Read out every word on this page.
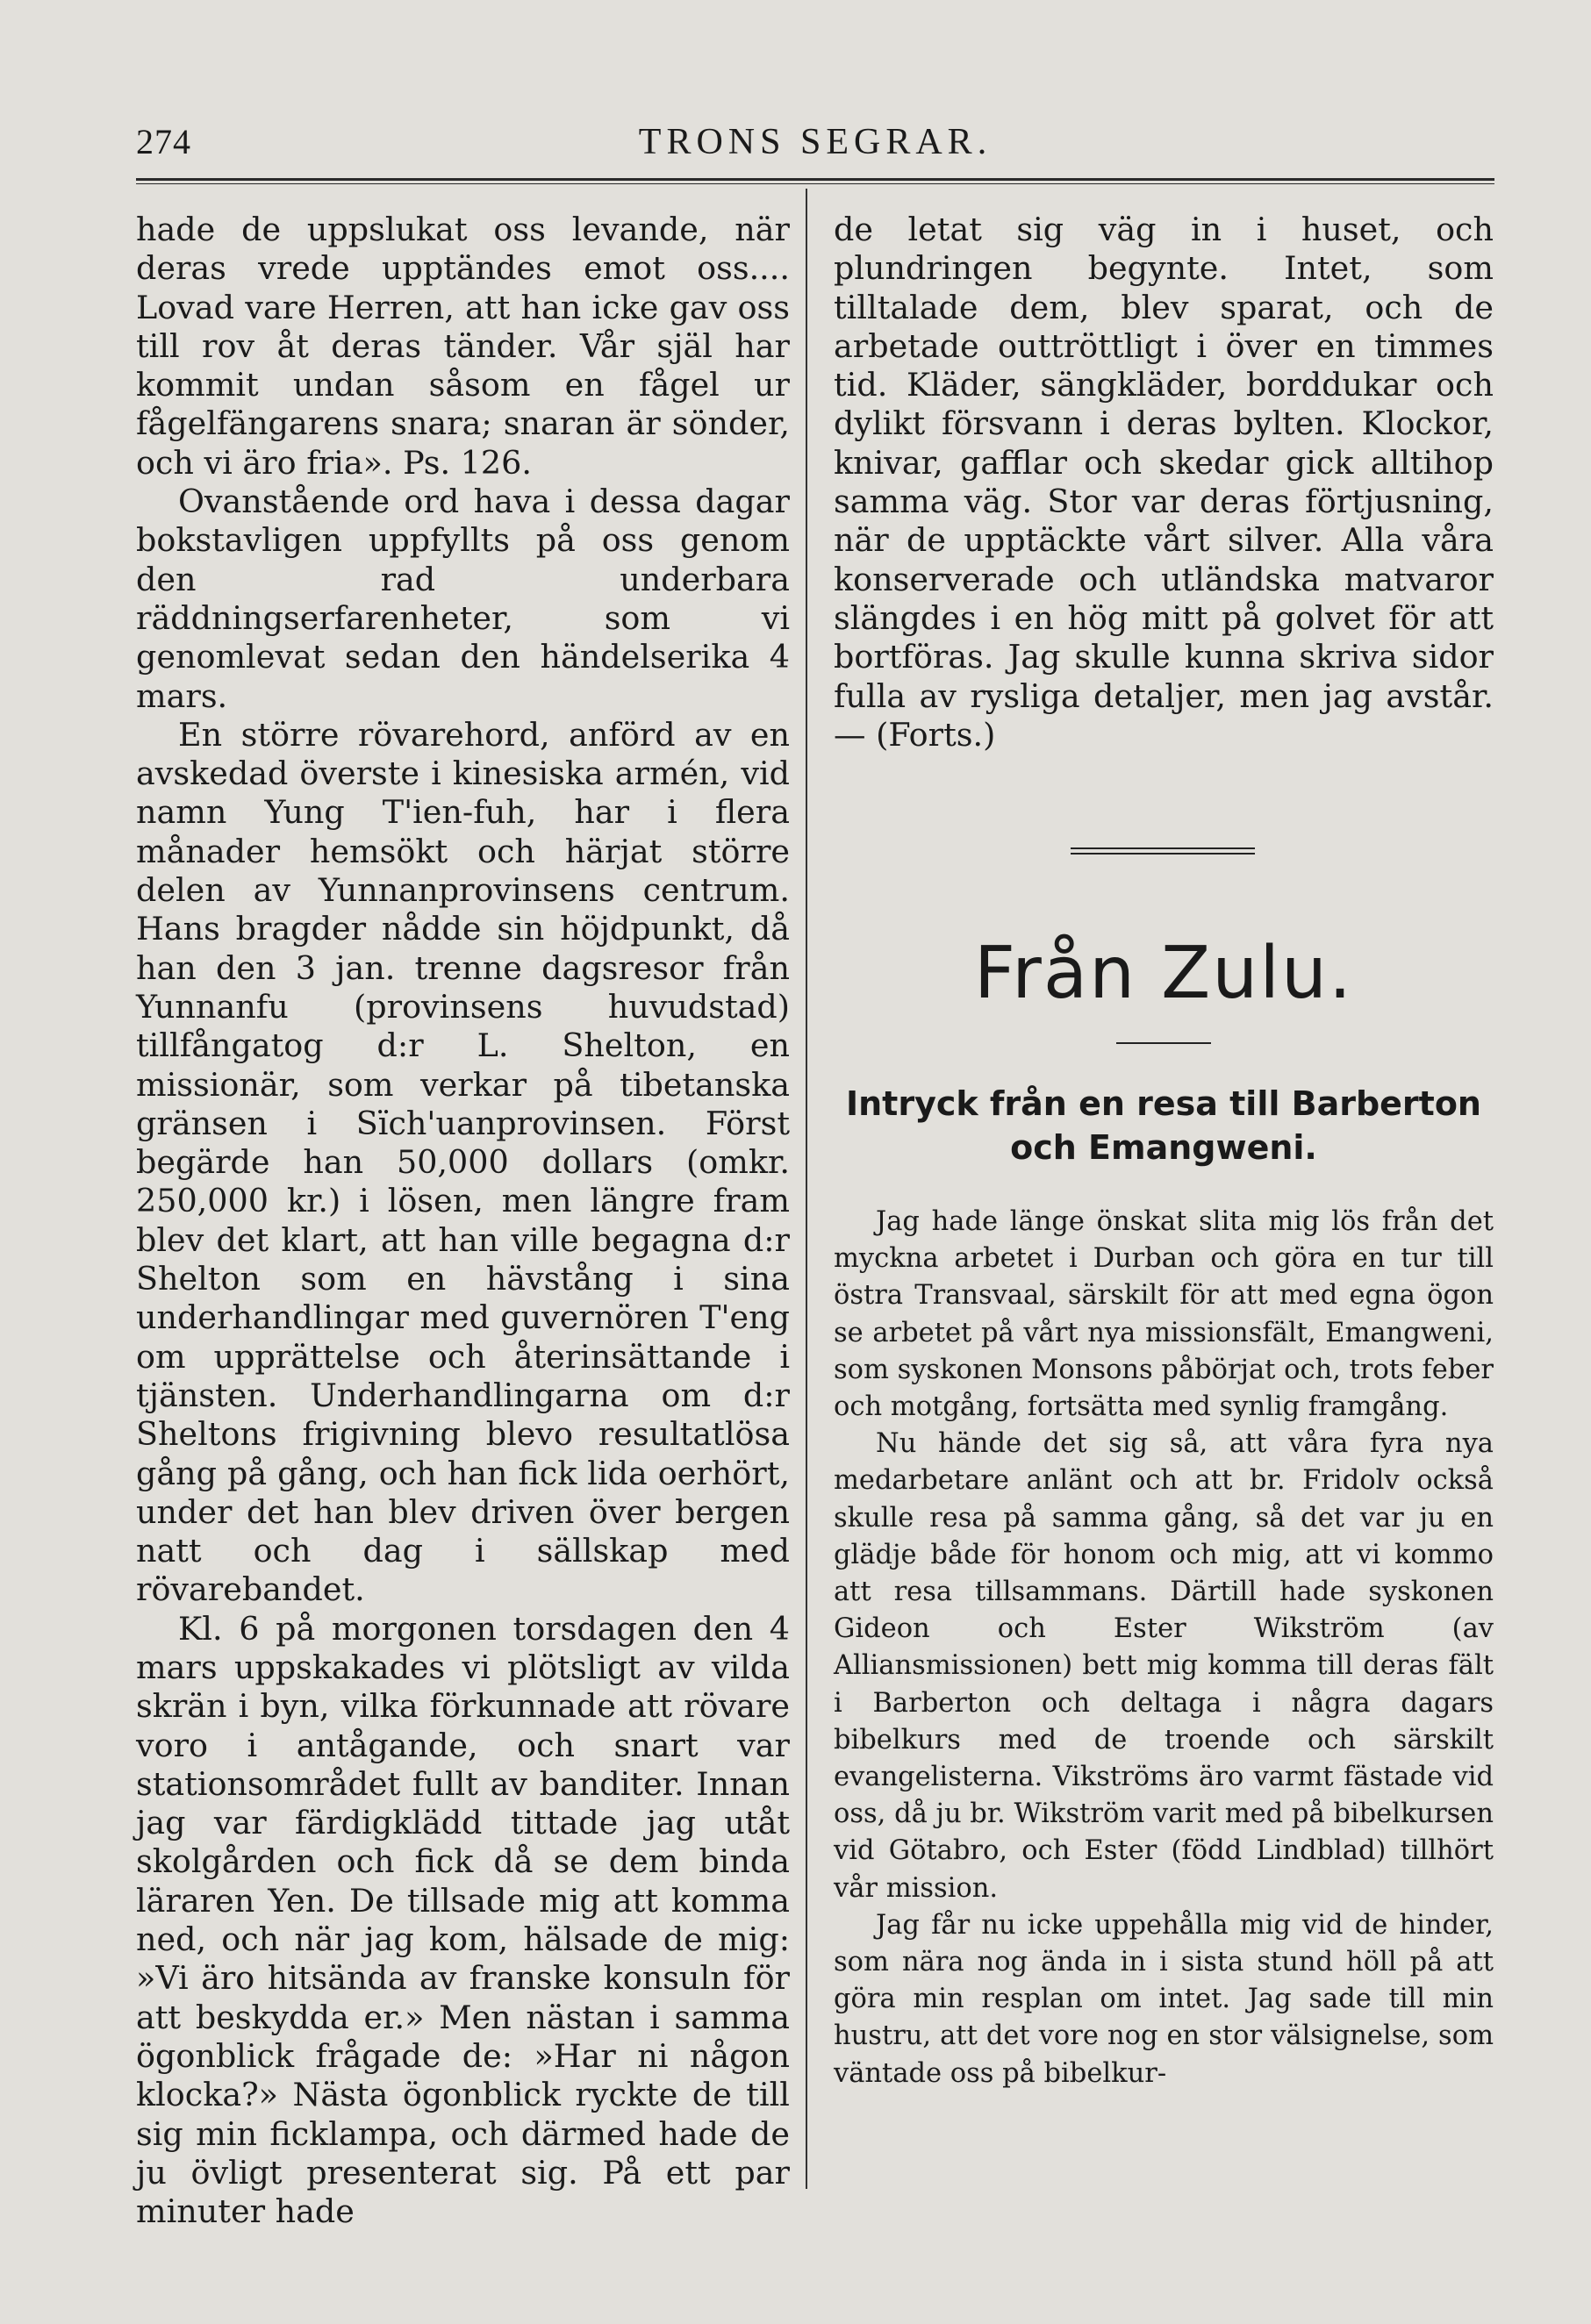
274	TRONS SEGRAR.

hade de uppslukat oss levande, när deras vrede upptändes emot oss.... Lovad vare Herren, att han icke gav oss till rov åt deras tänder. Vår själ har kommit undan såsom en fågel ur fågelfängarens snara; snaran är sönder, och vi äro fria». Ps. 126.

Ovanstående ord hava i dessa dagar bokstavligen uppfyllts på oss genom den rad underbara räddningserfarenheter, som vi genomlevat sedan den händelserika 4 mars.

En större rövarehord, anförd av en avskedad överste i kinesiska armén, vid namn Yung T'ien-fuh, har i flera månader hemsökt och härjat större delen av Yunnanprovinsens centrum. Hans bragder nådde sin höjdpunkt, då han den 3 jan. trenne dagsresor från Yunnanfu (provinsens huvudstad) tillfångatog d:r L. Shelton, en missionär, som verkar på tibetanska gränsen i Sïch'uanprovinsen. Först begärde han 50,000 dollars (omkr. 250,000 kr.) i lösen, men längre fram blev det klart, att han ville begagna d:r Shelton som en hävstång i sina underhandlingar med guvernören T'eng om upprättelse och återinsättande i tjänsten. Underhandlingarna om d:r Sheltons frigivning blevo resultatlösa gång på gång, och han fick lida oerhört, under det han blev driven över bergen natt och dag i sällskap med rövarebandet.

Kl. 6 på morgonen torsdagen den 4 mars uppskakades vi plötsligt av vilda skrän i byn, vilka förkunnade att rövare voro i antågande, och snart var stationsområdet fullt av banditer. Innan jag var färdigklädd tittade jag utåt skolgården och fick då se dem binda läraren Yen. De tillsade mig att komma ned, och när jag kom, hälsade de mig: »Vi äro hitsända av franske konsuln för att beskydda er.» Men nästan i samma ögonblick frågade de: »Har ni någon klocka?» Nästa ögonblick ryckte de till sig min ficklampa, och därmed hade de ju övligt presenterat sig. På ett par minuter hade

de letat sig väg in i huset, och plundringen begynte. Intet, som tilltalade dem, blev sparat, och de arbetade outtröttligt i över en timmes tid. Kläder, sängkläder, borddukar och dylikt försvann i deras bylten. Klockor, knivar, gafflar och skedar gick alltihop samma väg. Stor var deras förtjusning, när de upptäckte vårt silver. Alla våra konserverade och utländska matvaror slängdes i en hög mitt på golvet för att bortföras. Jag skulle kunna skriva sidor fulla av rysliga detaljer, men jag avstår. — (Forts.)

Från Zulu.
Intryck från en resa till Barberton och Emangweni.

Jag hade länge önskat slita mig lös från det myckna arbetet i Durban och göra en tur till östra Transvaal, särskilt för att med egna ögon se arbetet på vårt nya missionsfält, Emangweni, som syskonen Monsons påbörjat och, trots feber och motgång, fortsätta med synlig framgång.

Nu hände det sig så, att våra fyra nya medarbetare anlänt och att br. Fridolv också skulle resa på samma gång, så det var ju en glädje både för honom och mig, att vi kommo att resa tillsammans. Därtill hade syskonen Gideon och Ester Wikström (av Alliansmissionen) bett mig komma till deras fält i Barberton och deltaga i några dagars bibelkurs med de troende och särskilt evangelisterna. Vikströms äro varmt fästade vid oss, då ju br. Wikström varit med på bibelkursen vid Götabro, och Ester (född Lindblad) tillhört vår mission.

Jag får nu icke uppehålla mig vid de hinder, som nära nog ända in i sista stund höll på att göra min resplan om intet. Jag sade till min hustru, att det vore nog en stor välsignelse, som väntade oss på bibelkur-
